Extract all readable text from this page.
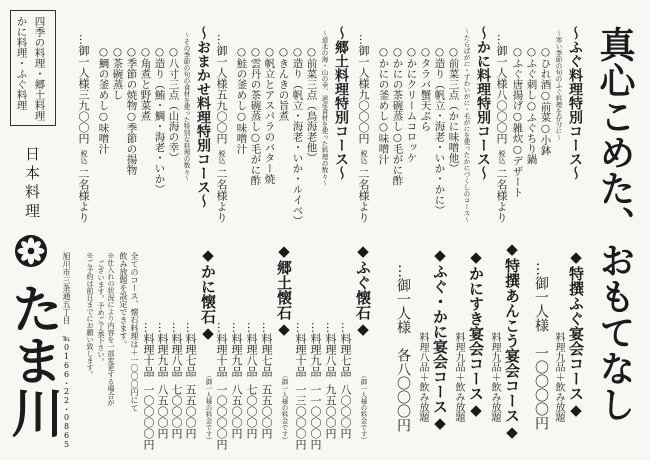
真心こめた、おもてなし
～ふぐ料理特別コース～
～寒い季節の旬のふぐ料理を存分に～
○ひれ酒○前菜○小鉢
○ふぐ刺し○ふぐちり鍋
○ふぐ唐揚げ○雑炊○デザート
…御一人様八〇〇〇円
税込
二名様より
～かに料理特別コース～
～たらばがに・ずわいがに・毛がにを使ったかにづくしのコース～
○前菜三点（かに味噌他）
○造り（帆立・海老・いか・かに）
○タラバ蟹天ぷら
○かにクリームコロッケ
○かにの茶碗蒸し○毛がに酢
○かにの釜めし○味噌汁
…御一人様九〇〇〇円
税込
二名様より
～郷土料理特別コース～
～道北の海・山の幸、道産食材を使った料理の数々～
○前菜三点（鳥海老他）
○造り（帆立・海老・いか・ルイベ）
○きんきの旨煮
○帆立とアスパラのバター焼
○雲丹の茶碗蒸し○毛がに酢
○鮭の釜めし○味噌汁
…御一人様五九〇〇円
税込
二名様より
～おまかせ料理特別コース～
～その季節の旬の食材を使った特別な料理の数々～
○八寸三点（山海の幸）
○造り（鮪・鯛・海老・いか）
○角煮と野菜煮
○季節の焼物○季節の揚物
○茶碗蒸し
○鯛の釜めし○味噌汁
…御一人様三九〇〇円
税込
二名様より
四季の料理・郷土料理
かに料理・ふぐ料理
日本料理
たま川 旭川市三条通五丁目
℡0166・22・0865	全てのコース、懐石料理は＋一〇〇〇円にて
飲み放題を設定できます。
※仕入れの状況により内容を一部変更する場合が
ございます。予めご了承下さい。
※ご予約は前日までにお願い致します。	◆特撰ふぐ宴会コース◆
料理九品＋飲み放題
…御一人様　一〇〇〇〇円
◆特撰あんこう宴会コース◆
料理九品＋飲み放題
◆かにすき宴会コース◆
料理九品＋飲み放題
◆ふぐ・かに宴会コース◆
料理八品＋飲み放題
…御一人様　各八〇〇〇円
◆ふぐ懐石◆
（御一人様の料金です）
…料理七品
八〇〇〇円
…料理八品
九五〇〇円
…料理九品
一一〇〇〇円
…料理十品
一三〇〇〇円
◆郷土懐石◆
（御一人様の料金です）
…料理七品
五五〇〇円
…料理八品
七〇〇〇円
…料理九品
八五〇〇円
…料理十品
一〇〇〇〇円
◆かに懐石◆
（御一人様の料金です）
…料理七品
五五〇〇円
…料理八品
七〇〇〇円
…料理九品
八五〇〇円
…料理十品
一〇〇〇〇円
